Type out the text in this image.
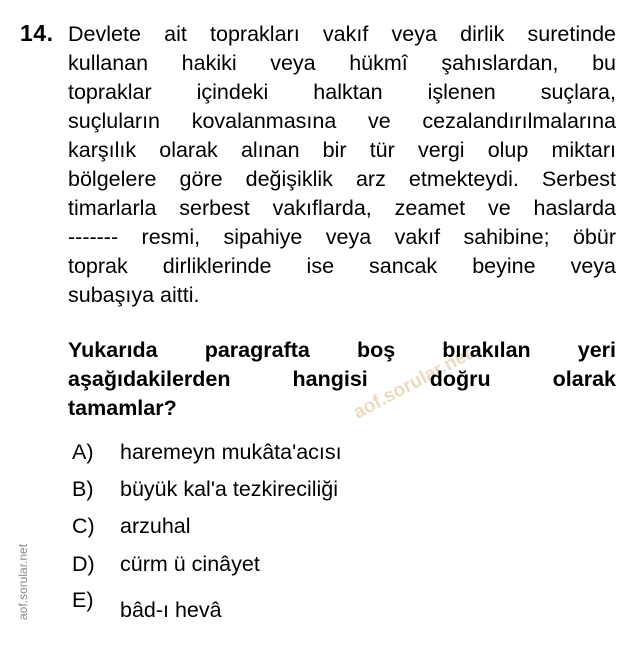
aof.sorular.net
14. Devlete ait toprakları vakıf veya dirlik suretinde
kullanan hakiki veya hükmî şahıslardan, bu
topraklar içindeki halktan işlenen suçlara,
suçluların kovalanmasına ve cezalandırılmalarına
karşılık olarak alınan bir tür vergi olup miktarı
bölgelere göre değişiklik arz etmekteydi. Serbest
timarlarla serbest vakıflarda, zeamet ve haslarda
------- resmi, sipahiye veya vakıf sahibine; öbür
toprak dirliklerinde ise sancak beyine veya
subaşıya aitti.
Yukarıda paragrafta boş bırakılan yeri
aşağıdakilerden hangisi doğru olarak
tamamlar?
A) haremeyn mukâta'acısı
B) büyük kal'a tezkireciliği
C) arzuhal
D) cürm ü cinâyet
E) bâd-ı hevâ
aof.sorular.net
